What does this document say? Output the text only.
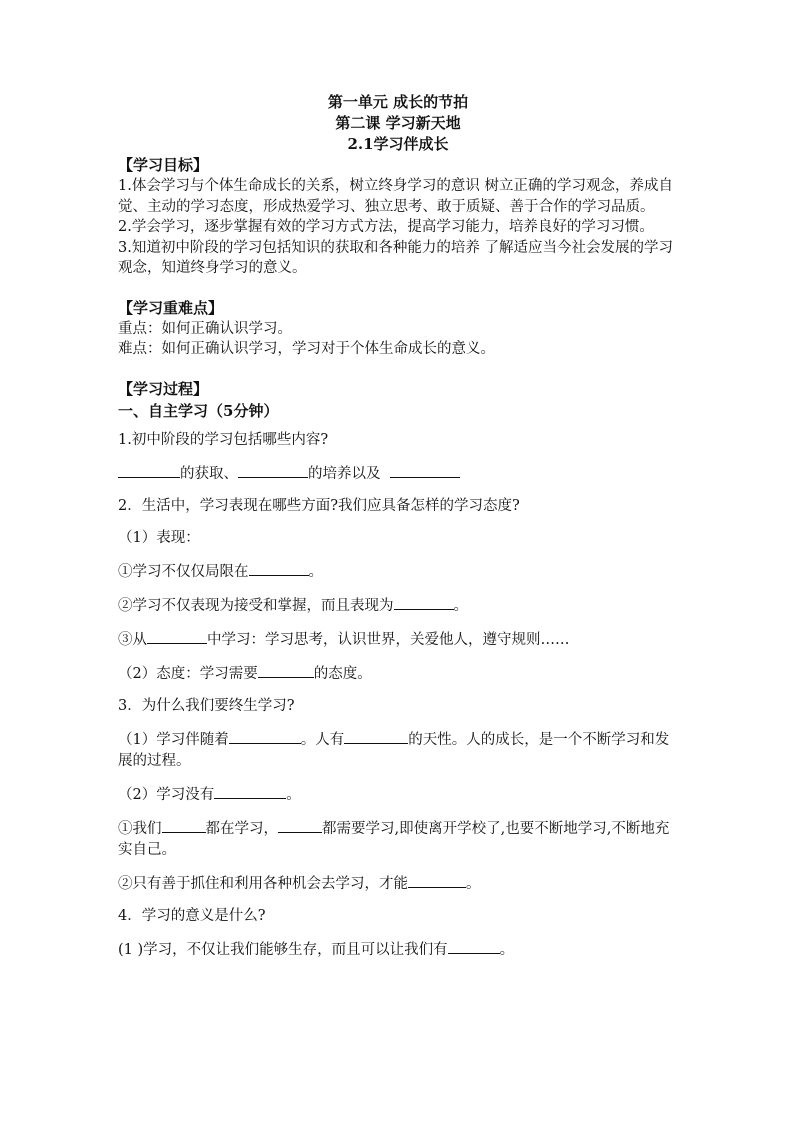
第一单元 成长的节拍

第二课 学习新天地

2.1学习伴成长

【学习目标】

1.体会学习与个体生命成长的关系，树立终身学习的意识 树立正确的学习观念，养成自觉、主动的学习态度，形成热爱学习、独立思考、敢于质疑、善于合作的学习品质。

2.学会学习，逐步掌握有效的学习方式方法，提高学习能力，培养良好的学习习惯。

3.知道初中阶段的学习包括知识的获取和各种能力的培养 了解适应当今社会发展的学习观念，知道终身学习的意义。

【学习重难点】

重点：如何正确认识学习。

难点：如何正确认识学习，学习对于个体生命成长的意义。

【学习过程】

一、自主学习（5分钟）

1.初中阶段的学习包括哪些内容?

的获取、	的培养以及

2．生活中，学习表现在哪些方面?我们应具备怎样的学习态度?

（1）表现：

①学习不仅仅局限在	。

②学习不仅表现为接受和掌握，而且表现为	。

③从	中学习：学习思考，认识世界，关爱他人，遵守规则……

（2）态度：学习需要	的态度。

3．为什么我们要终生学习?

（1）学习伴随着	。人有	的天性。人的成长，是一个不断学习和发展的过程。

（2）学习没有	。

①我们	都在学习，	都需要学习,即使离开学校了,也要不断地学习,不断地充实自己。

②只有善于抓住和利用各种机会去学习，才能	。

4．学习的意义是什么?

(1 )学习，不仅让我们能够生存，而且可以让我们有	。
